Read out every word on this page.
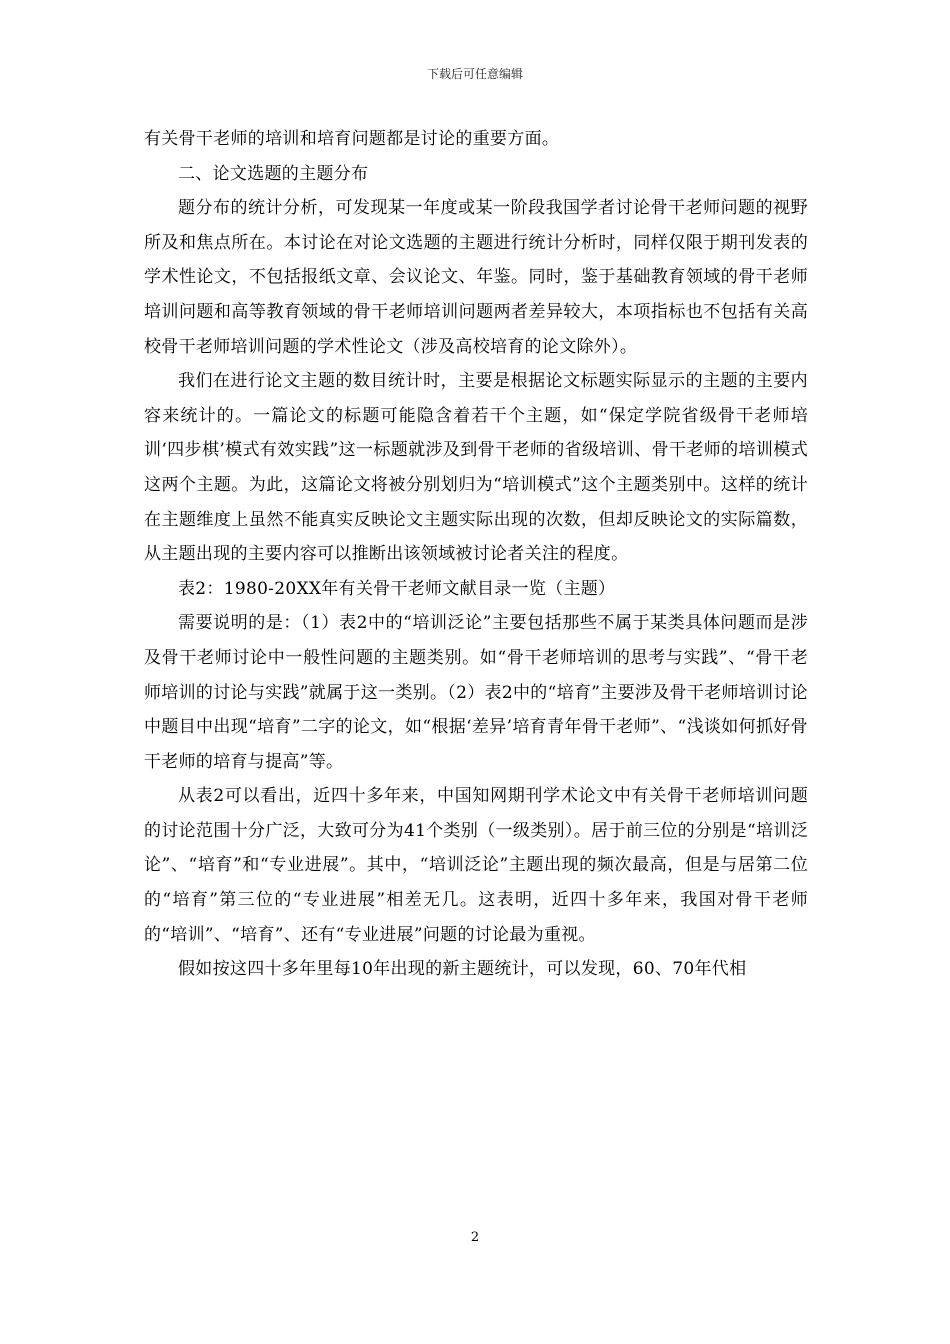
下载后可任意编辑

有关骨干老师的培训和培育问题都是讨论的重要方面。

二、论文选题的主题分布

题分布的统计分析，可发现某一年度或某一阶段我国学者讨论骨干老师问题的视野所及和焦点所在。本讨论在对论文选题的主题进行统计分析时，同样仅限于期刊发表的学术性论文，不包括报纸文章、会议论文、年鉴。同时，鉴于基础教育领域的骨干老师培训问题和高等教育领域的骨干老师培训问题两者差异较大，本项指标也不包括有关高校骨干老师培训问题的学术性论文（涉及高校培育的论文除外）。

我们在进行论文主题的数目统计时，主要是根据论文标题实际显示的主题的主要内容来统计的。一篇论文的标题可能隐含着若干个主题，如“保定学院省级骨干老师培训‘四步棋’模式有效实践”这一标题就涉及到骨干老师的省级培训、骨干老师的培训模式这两个主题。为此，这篇论文将被分别划归为“培训模式”这个主题类别中。这样的统计在主题维度上虽然不能真实反映论文主题实际出现的次数，但却反映论文的实际篇数，从主题出现的主要内容可以推断出该领域被讨论者关注的程度。

表2：1980-20XX年有关骨干老师文献目录一览（主题）

需要说明的是：（1）表2中的“培训泛论”主要包括那些不属于某类具体问题而是涉及骨干老师讨论中一般性问题的主题类别。如“骨干老师培训的思考与实践”、“骨干老师培训的讨论与实践”就属于这一类别。（2）表2中的“培育”主要涉及骨干老师培训讨论中题目中出现“培育”二字的论文，如“根据‘差异’培育青年骨干老师”、“浅谈如何抓好骨干老师的培育与提高”等。

从表2可以看出，近四十多年来，中国知网期刊学术论文中有关骨干老师培训问题的讨论范围十分广泛，大致可分为41个类别（一级类别）。居于前三位的分别是“培训泛论”、“培育”和“专业进展”。其中，“培训泛论”主题出现的频次最高，但是与居第二位的“培育”第三位的“专业进展”相差无几。这表明，近四十多年来，我国对骨干老师的“培训”、“培育”、还有“专业进展”问题的讨论最为重视。

假如按这四十多年里每10年出现的新主题统计，可以发现，60、70年代相

2
